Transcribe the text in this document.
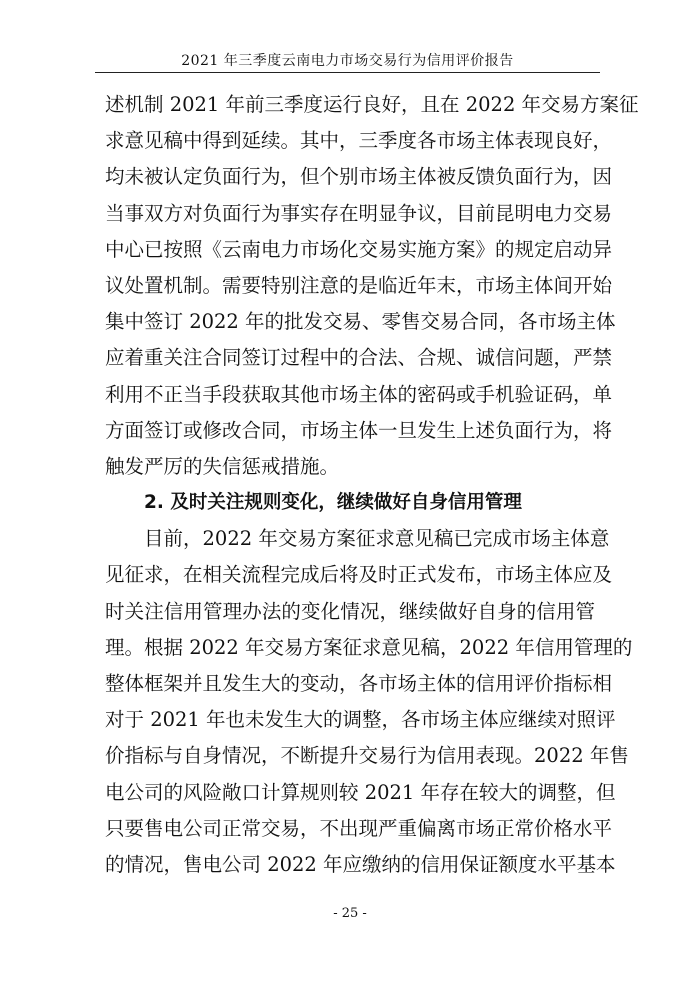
2021 年三季度云南电力市场交易行为信用评价报告
述机制 2021 年前三季度运行良好，且在 2022 年交易方案征
求意见稿中得到延续。其中，三季度各市场主体表现良好，
均未被认定负面行为，但个别市场主体被反馈负面行为，因
当事双方对负面行为事实存在明显争议，目前昆明电力交易
中心已按照《云南电力市场化交易实施方案》的规定启动异
议处置机制。需要特别注意的是临近年末，市场主体间开始
集中签订 2022 年的批发交易、零售交易合同，各市场主体
应着重关注合同签订过程中的合法、合规、诚信问题，严禁
利用不正当手段获取其他市场主体的密码或手机验证码，单
方面签订或修改合同，市场主体一旦发生上述负面行为，将
触发严厉的失信惩戒措施。
2. 及时关注规则变化，继续做好自身信用管理
目前，2022 年交易方案征求意见稿已完成市场主体意
见征求，在相关流程完成后将及时正式发布，市场主体应及
时关注信用管理办法的变化情况，继续做好自身的信用管
理。根据 2022 年交易方案征求意见稿，2022 年信用管理的
整体框架并且发生大的变动，各市场主体的信用评价指标相
对于 2021 年也未发生大的调整，各市场主体应继续对照评
价指标与自身情况，不断提升交易行为信用表现。2022 年售
电公司的风险敞口计算规则较 2021 年存在较大的调整，但
只要售电公司正常交易，不出现严重偏离市场正常价格水平
的情况，售电公司 2022 年应缴纳的信用保证额度水平基本
- 25 -
